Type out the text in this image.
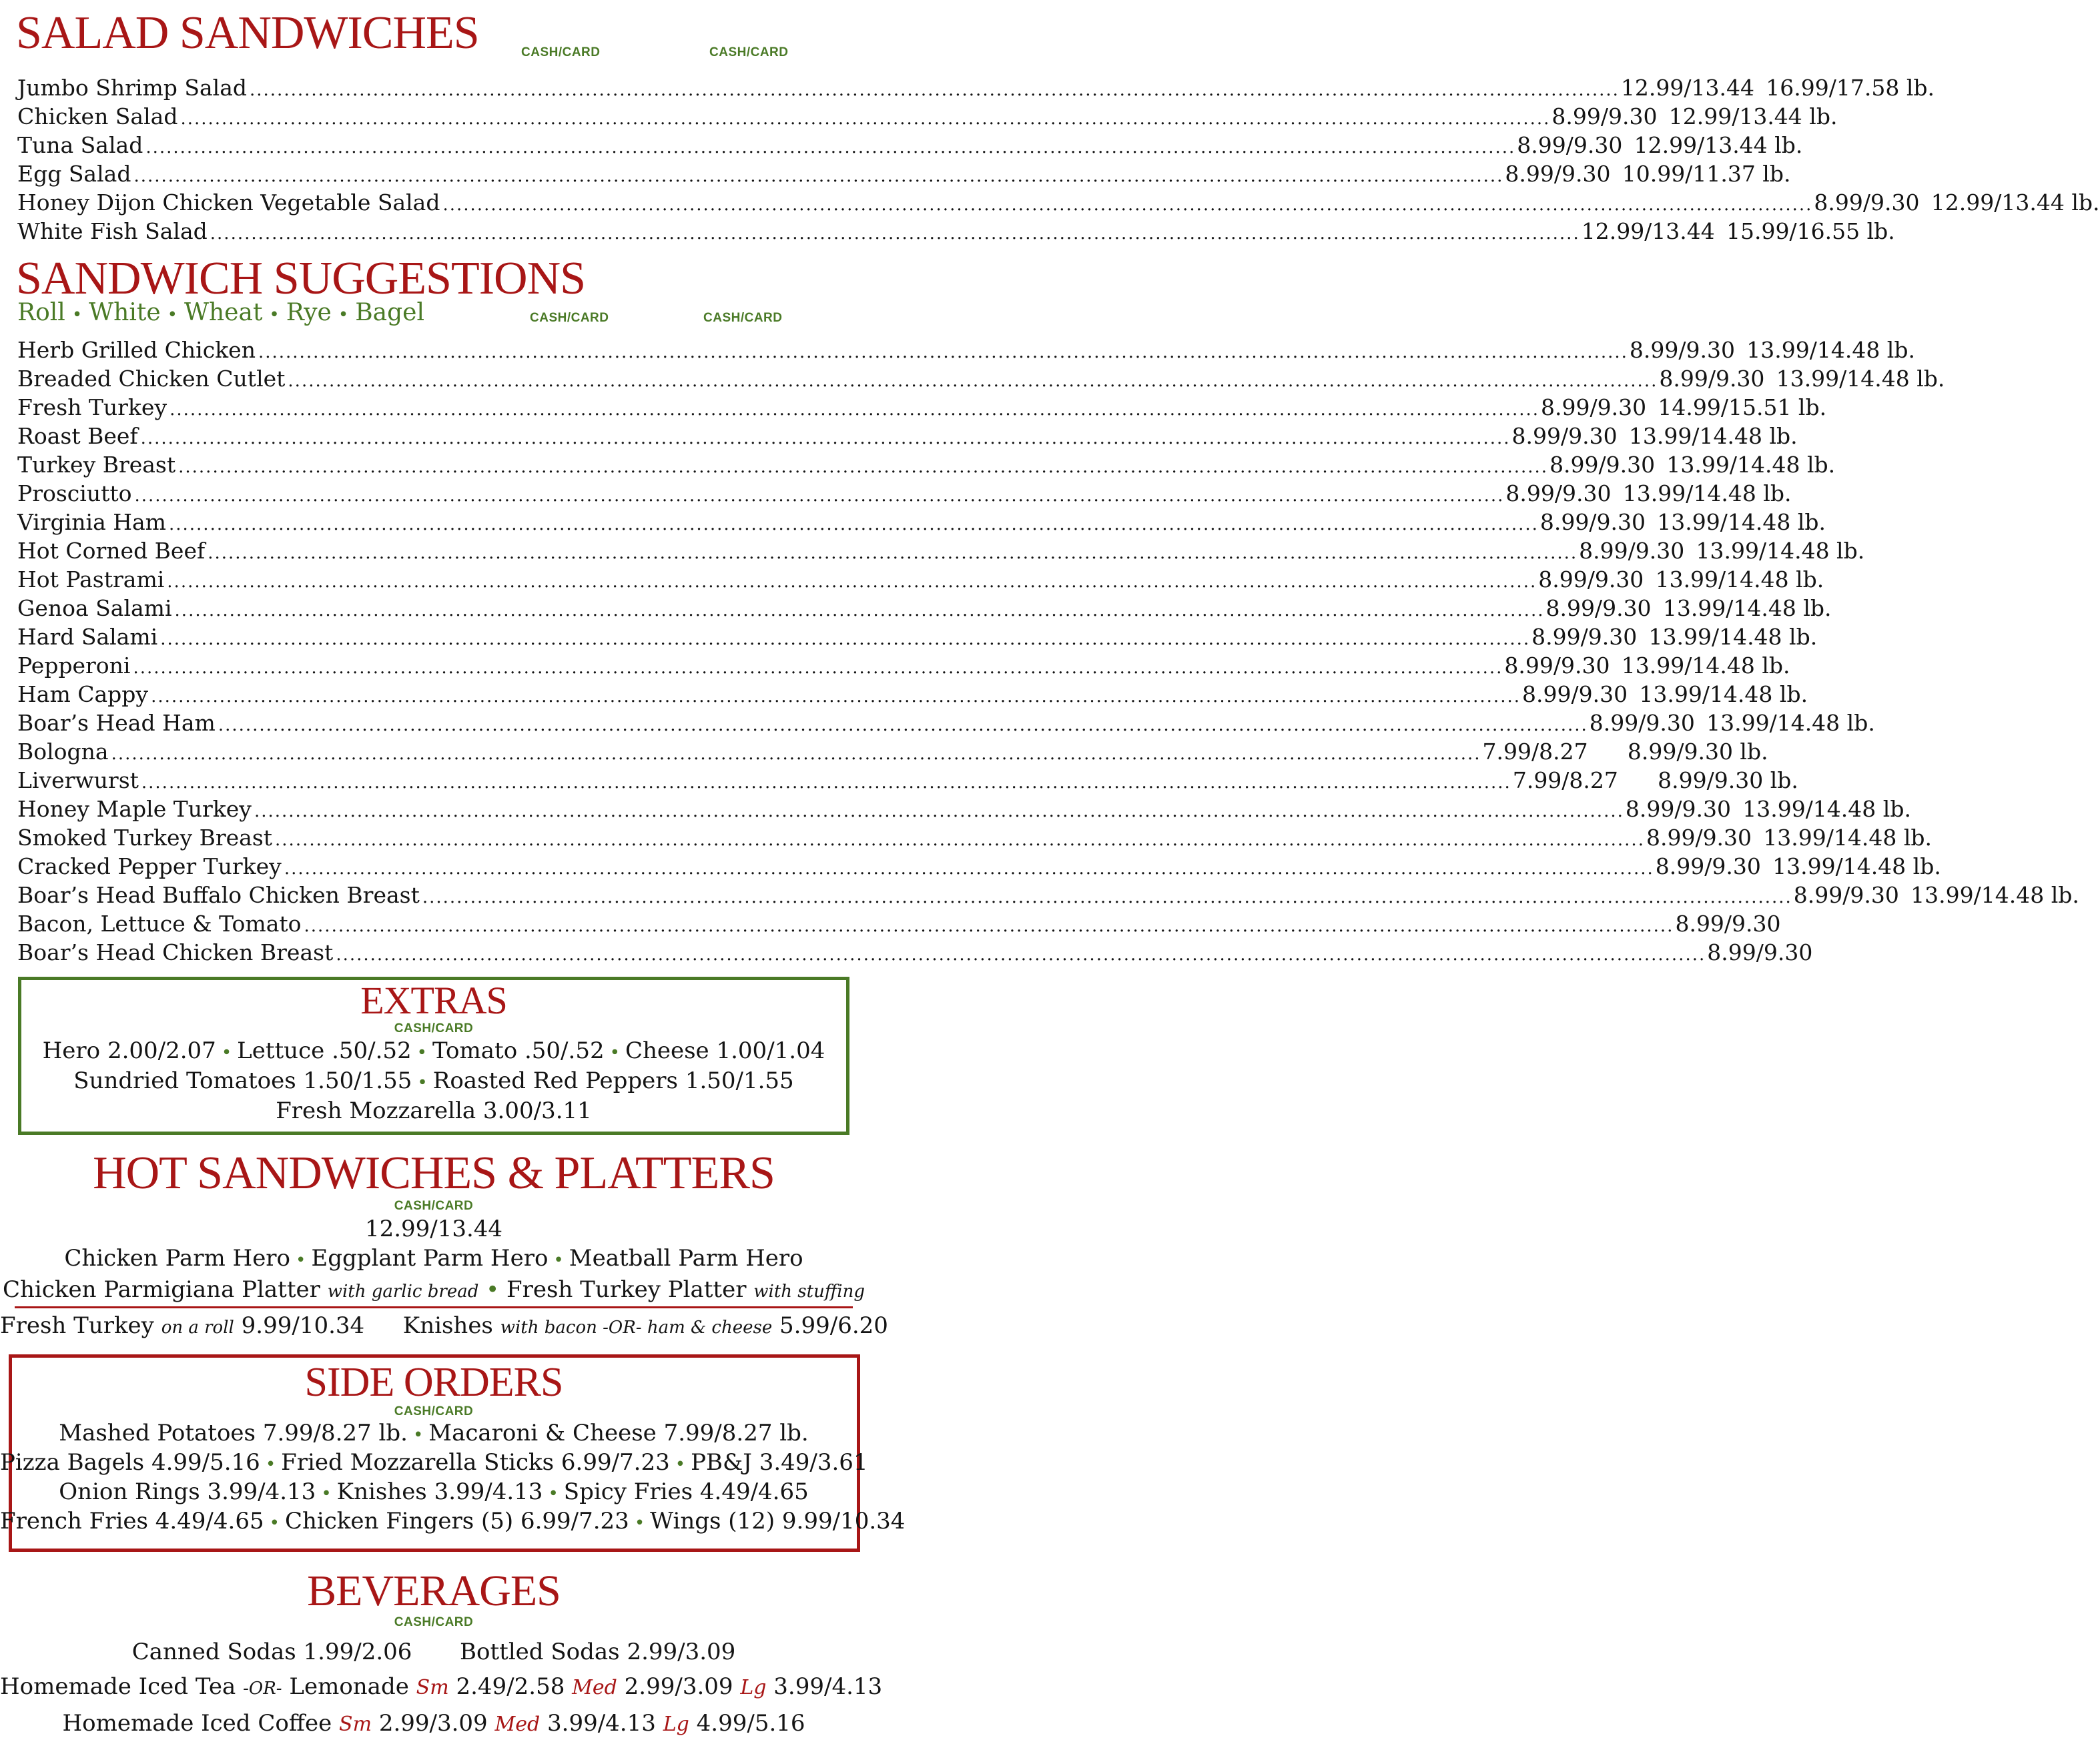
SALAD SANDWICHES	CASH/CARD	CASH/CARD
Jumbo Shrimp Salad .....	12.99/13.44 16.99/17.58 lb.
Chicken Salad .....	8.99/9.30 12.99/13.44 lb.
Tuna Salad .....	8.99/9.30 12.99/13.44 lb.
Egg Salad .....	8.99/9.30 10.99/11.37 lb.
Honey Dijon Chicken Vegetable Salad .....	8.99/9.30 12.99/13.44 lb.
White Fish Salad .....	12.99/13.44 15.99/16.55 lb.
SANDWICH SUGGESTIONS
Roll • White • Wheat • Rye • Bagel	CASH/CARD	CASH/CARD
Herb Grilled Chicken .....	8.99/9.30 13.99/14.48 lb.
Breaded Chicken Cutlet .....	8.99/9.30 13.99/14.48 lb.
Fresh Turkey .....	8.99/9.30 14.99/15.51 lb.
Roast Beef .....	8.99/9.30 13.99/14.48 lb.
Turkey Breast .....	8.99/9.30 13.99/14.48 lb.
Prosciutto .....	8.99/9.30 13.99/14.48 lb.
Virginia Ham .....	8.99/9.30 13.99/14.48 lb.
Hot Corned Beef .....	8.99/9.30 13.99/14.48 lb.
Hot Pastrami .....	8.99/9.30 13.99/14.48 lb.
Genoa Salami .....	8.99/9.30 13.99/14.48 lb.
Hard Salami .....	8.99/9.30 13.99/14.48 lb.
Pepperoni .....	8.99/9.30 13.99/14.48 lb.
Ham Cappy .....	8.99/9.30 13.99/14.48 lb.
Boar’s Head Ham .....	8.99/9.30 13.99/14.48 lb.
Bologna .....	7.99/8.27	8.99/9.30 lb.
Liverwurst .....	7.99/8.27	8.99/9.30 lb.
Honey Maple Turkey .....	8.99/9.30 13.99/14.48 lb.
Smoked Turkey Breast .....	8.99/9.30 13.99/14.48 lb.
Cracked Pepper Turkey .....	8.99/9.30 13.99/14.48 lb.
Boar’s Head Buffalo Chicken Breast .....	8.99/9.30 13.99/14.48 lb.
Bacon, Lettuce & Tomato .....	8.99/9.30
Boar’s Head Chicken Breast .....	8.99/9.30
EXTRAS
CASH/CARD
Hero 2.00/2.07 • Lettuce .50/.52 • Tomato .50/.52 • Cheese 1.00/1.04
Sundried Tomatoes 1.50/1.55 • Roasted Red Peppers 1.50/1.55
Fresh Mozzarella 3.00/3.11
HOT SANDWICHES & PLATTERS
CASH/CARD
12.99/13.44
Chicken Parm Hero • Eggplant Parm Hero • Meatball Parm Hero
Chicken Parmigiana Platter with garlic bread • Fresh Turkey Platter with stuffing
Fresh Turkey on a roll 9.99/10.34 Knishes with bacon -OR- ham & cheese 5.99/6.20
SIDE ORDERS
CASH/CARD
Mashed Potatoes 7.99/8.27 lb. • Macaroni & Cheese 7.99/8.27 lb.
Pizza Bagels 4.99/5.16 • Fried Mozzarella Sticks 6.99/7.23 • PB&J 3.49/3.61
Onion Rings 3.99/4.13 • Knishes 3.99/4.13 • Spicy Fries 4.49/4.65
French Fries 4.49/4.65 • Chicken Fingers (5) 6.99/7.23 • Wings (12) 9.99/10.34
BEVERAGES
CASH/CARD
Canned Sodas 1.99/2.06 Bottled Sodas 2.99/3.09
Homemade Iced Tea -OR- Lemonade Sm 2.49/2.58 Med 2.99/3.09 Lg 3.99/4.13
Homemade Iced Coffee Sm 2.99/3.09 Med 3.99/4.13 Lg 4.99/5.16
